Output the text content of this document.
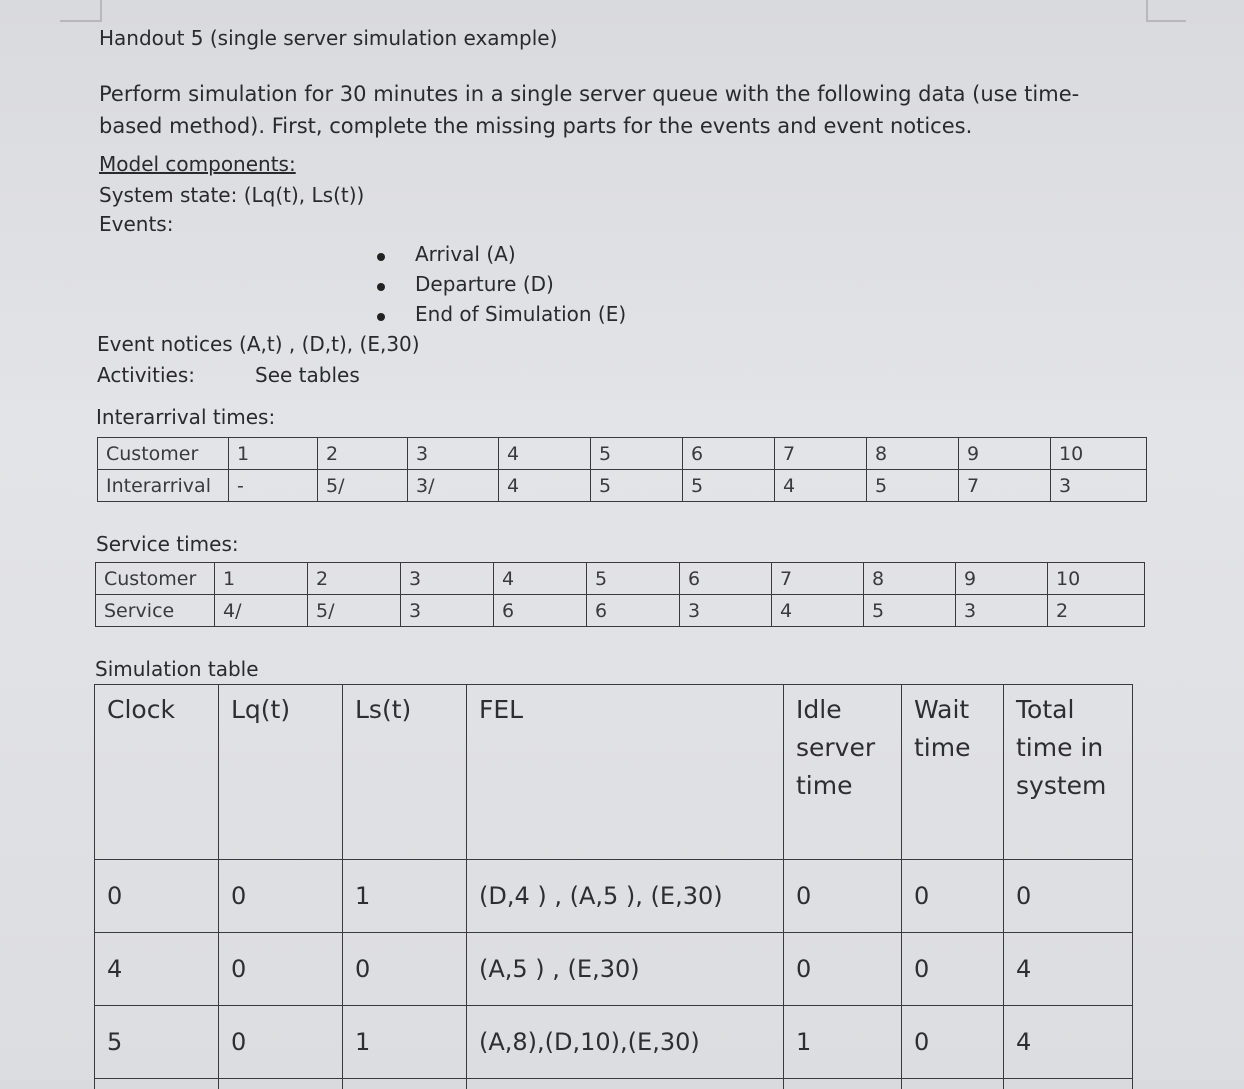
Handout 5 (single server simulation example)
Perform simulation for 30 minutes in a single server queue with the following data (use time-based method). First, complete the missing parts for the events and event notices.
Model components:
System state: (Lq(t), Ls(t))
Events:
Arrival (A)
Departure (D)
End of Simulation (E)
Event notices (A,t) , (D,t), (E,30)
Activities:	See tables
Interarrival times:
Customer	1	2	3	4	5	6	7	8	9	10
Interarrival	-	5/	3/	4	5	5	4	5	7	3
Service times:
Customer	1	2	3	4	5	6	7	8	9	10
Service	4/	5/	3	6	6	3	4	5	3	2
Simulation table
Clock	Lq(t)	Ls(t)	FEL	Idle server time	Wait time	Total time in system
0	0	1	(D,4 ) , (A,5 ), (E,30)	0	0	0
4	0	0	(A,5 ) , (E,30)	0	0	4
5	0	1	(A,8),(D,10),(E,30)	1	0	4
